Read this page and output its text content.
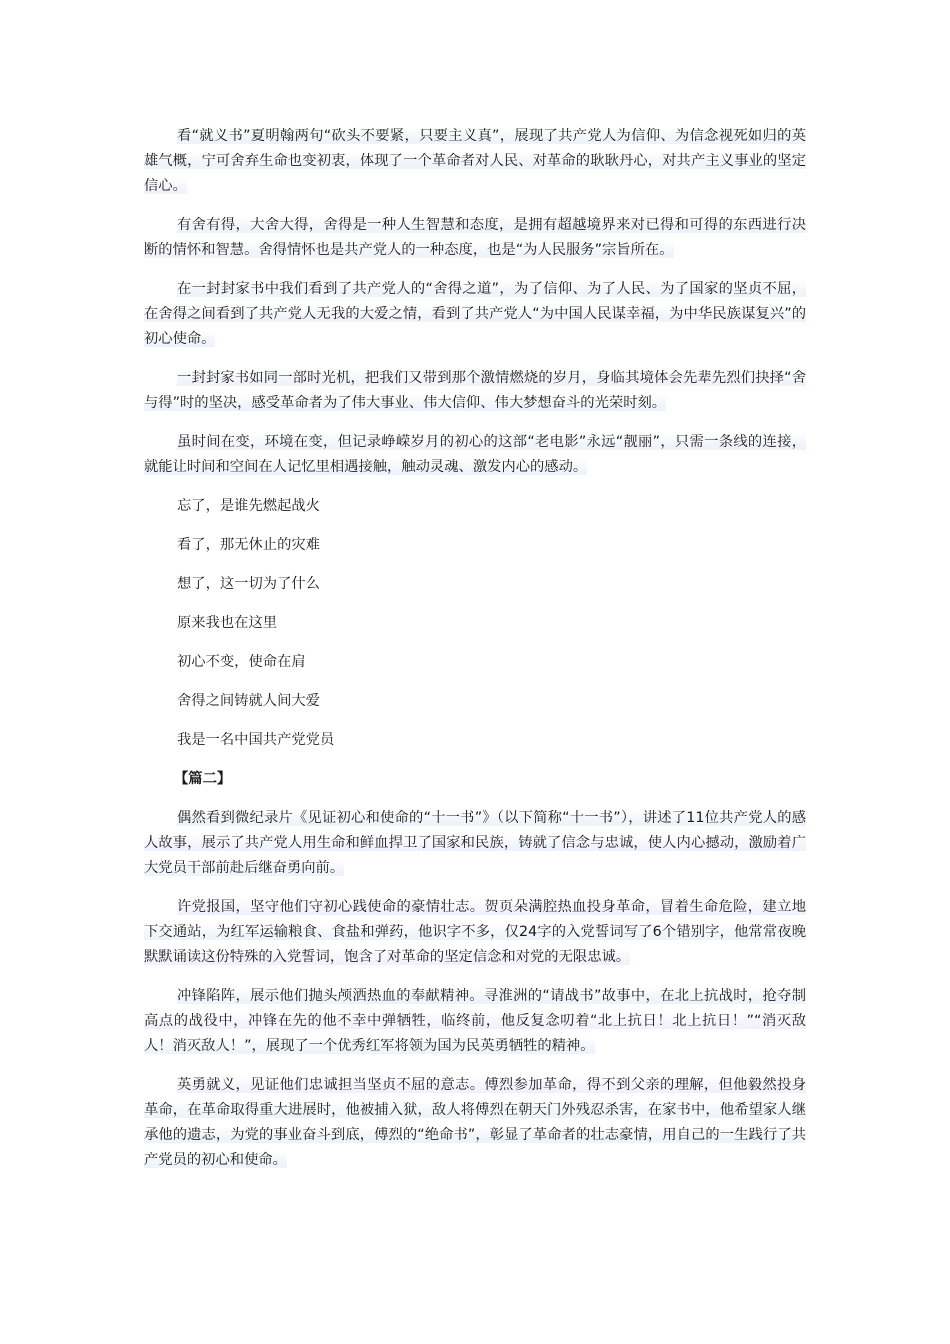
看“就义书”夏明翰两句“砍头不要紧，只要主义真”，展现了共产党人为信仰、为信念视死如归的英雄气概，宁可舍弃生命也变初衷，体现了一个革命者对人民、对革命的耿耿丹心，对共产主义事业的坚定信心。

有舍有得，大舍大得，舍得是一种人生智慧和态度，是拥有超越境界来对已得和可得的东西进行决断的情怀和智慧。舍得情怀也是共产党人的一种态度，也是“为人民服务”宗旨所在。

在一封封家书中我们看到了共产党人的“舍得之道”，为了信仰、为了人民、为了国家的坚贞不屈，在舍得之间看到了共产党人无我的大爱之情，看到了共产党人“为中国人民谋幸福，为中华民族谋复兴”的初心使命。

一封封家书如同一部时光机，把我们又带到那个激情燃烧的岁月，身临其境体会先辈先烈们抉择“舍与得”时的坚决，感受革命者为了伟大事业、伟大信仰、伟大梦想奋斗的光荣时刻。

虽时间在变，环境在变，但记录峥嵘岁月的初心的这部“老电影”永远“靓丽”，只需一条线的连接，就能让时间和空间在人记忆里相遇接触，触动灵魂、激发内心的感动。

忘了，是谁先燃起战火

看了，那无休止的灾难

想了，这一切为了什么

原来我也在这里

初心不变，使命在肩

舍得之间铸就人间大爱

我是一名中国共产党党员

【篇二】

偶然看到微纪录片《见证初心和使命的“十一书”》（以下简称“十一书”），讲述了11位共产党人的感人故事，展示了共产党人用生命和鲜血捍卫了国家和民族，铸就了信念与忠诚，使人内心撼动，激励着广大党员干部前赴后继奋勇向前。

许党报国，坚守他们守初心践使命的豪情壮志。贺页朵满腔热血投身革命，冒着生命危险，建立地下交通站，为红军运输粮食、食盐和弹药，他识字不多，仅24字的入党誓词写了6个错别字，他常常夜晚默默诵读这份特殊的入党誓词，饱含了对革命的坚定信念和对党的无限忠诚。

冲锋陷阵，展示他们抛头颅洒热血的奉献精神。寻淮洲的“请战书”故事中，在北上抗战时，抢夺制高点的战役中，冲锋在先的他不幸中弹牺牲，临终前，他反复念叨着“北上抗日！北上抗日！”“消灭敌人！消灭敌人！”，展现了一个优秀红军将领为国为民英勇牺牲的精神。

英勇就义，见证他们忠诚担当坚贞不屈的意志。傅烈参加革命，得不到父亲的理解，但他毅然投身革命，在革命取得重大进展时，他被捕入狱，敌人将傅烈在朝天门外残忍杀害，在家书中，他希望家人继承他的遗志，为党的事业奋斗到底，傅烈的“绝命书”，彰显了革命者的壮志豪情，用自己的一生践行了共产党员的初心和使命。
